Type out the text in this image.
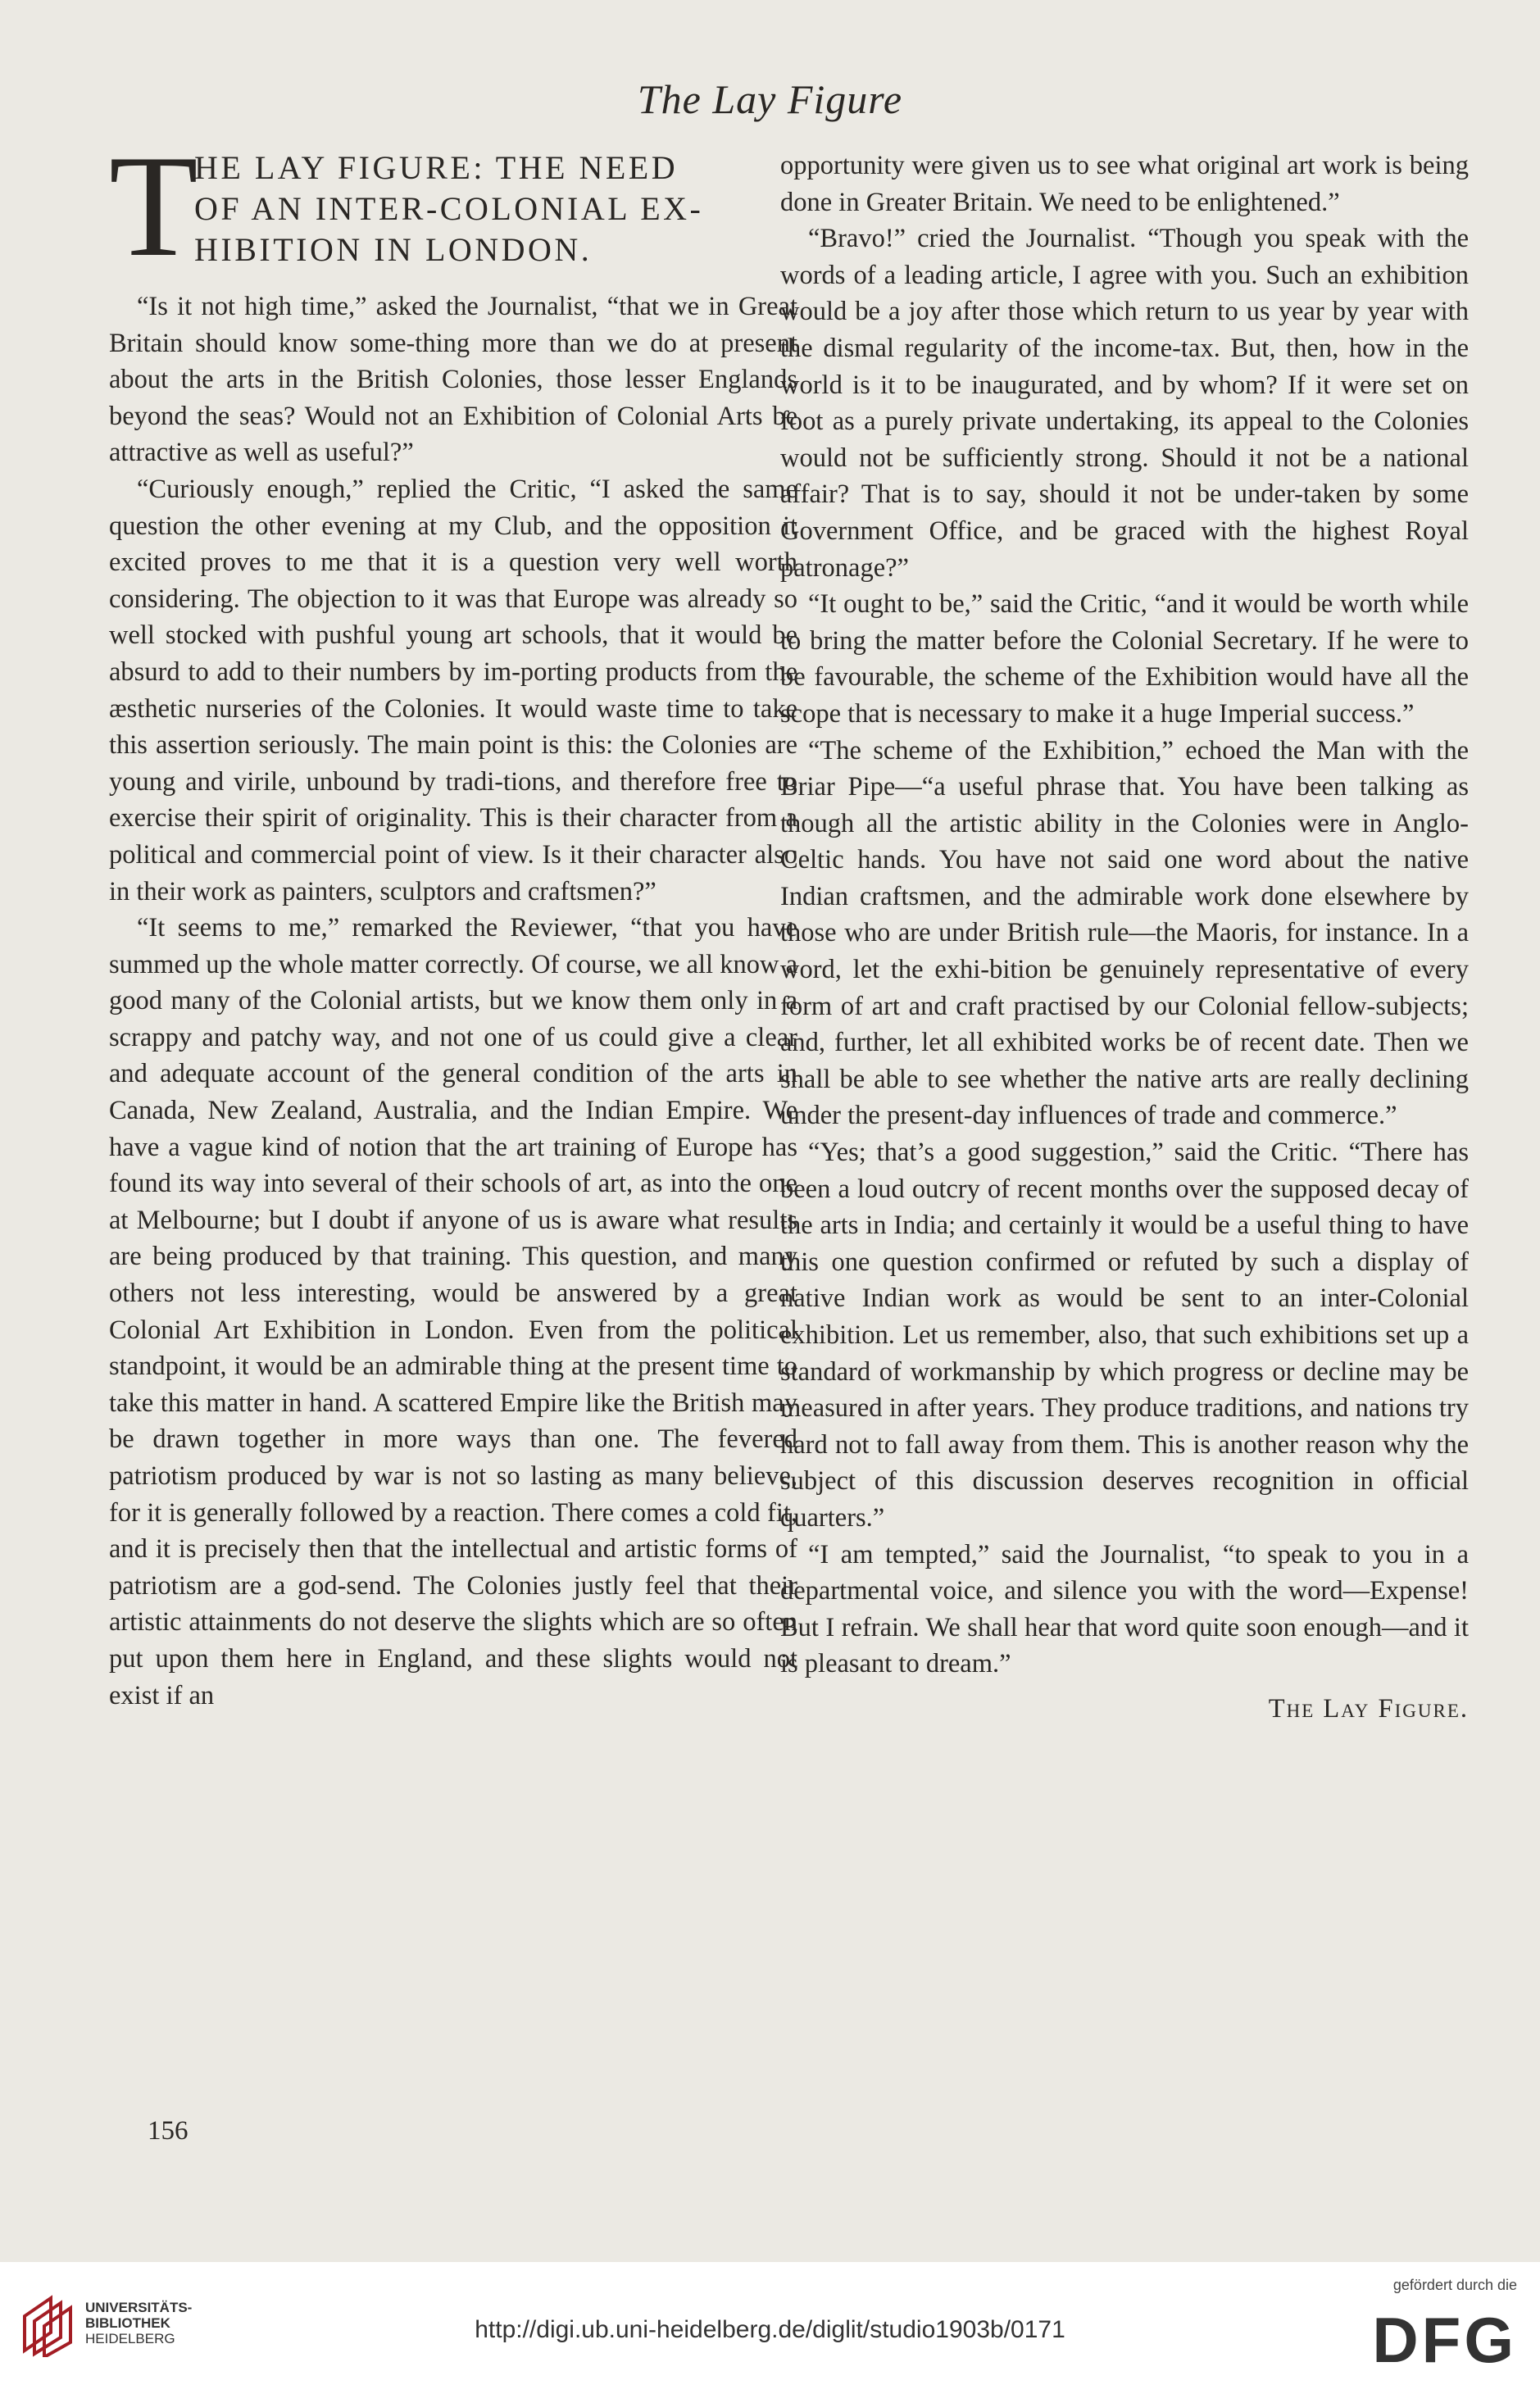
The Lay Figure
T
HE LAY FIGURE: THE NEED
OF AN INTER-COLONIAL EX-
HIBITION IN LONDON.

“Is it not high time,” asked the Journalist, “that we in Great Britain should know some-thing more than we do at present about the arts in the British Colonies, those lesser Englands beyond the seas? Would not an Exhibition of Colonial Arts be attractive as well as useful?”

“Curiously enough,” replied the Critic, “I asked the same question the other evening at my Club, and the opposition it excited proves to me that it is a question very well worth considering. The objection to it was that Europe was already so well stocked with pushful young art schools, that it would be absurd to add to their numbers by im-porting products from the æsthetic nurseries of the Colonies. It would waste time to take this assertion seriously. The main point is this: the Colonies are young and virile, unbound by tradi-tions, and therefore free to exercise their spirit of originality. This is their character from a political and commercial point of view. Is it their character also in their work as painters, sculptors and craftsmen?”

“It seems to me,” remarked the Reviewer, “that you have summed up the whole matter correctly. Of course, we all know a good many of the Colonial artists, but we know them only in a scrappy and patchy way, and not one of us could give a clear and adequate account of the general condition of the arts in Canada, New Zealand, Australia, and the Indian Empire. We have a vague kind of notion that the art training of Europe has found its way into several of their schools of art, as into the one at Melbourne; but I doubt if anyone of us is aware what results are being produced by that training. This question, and many others not less interesting, would be answered by a great Colonial Art Exhibition in London. Even from the political standpoint, it would be an admirable thing at the present time to take this matter in hand. A scattered Empire like the British may be drawn together in more ways than one. The fevered patriotism produced by war is not so lasting as many believe, for it is generally followed by a reaction. There comes a cold fit, and it is precisely then that the intellectual and artistic forms of patriotism are a god-send. The Colonies justly feel that their artistic attainments do not deserve the slights which are so often put upon them here in England, and these slights would not exist if an

opportunity were given us to see what original art work is being done in Greater Britain. We need to be enlightened.”

“Bravo!” cried the Journalist. “Though you speak with the words of a leading article, I agree with you. Such an exhibition would be a joy after those which return to us year by year with the dismal regularity of the income-tax. But, then, how in the world is it to be inaugurated, and by whom? If it were set on foot as a purely private undertaking, its appeal to the Colonies would not be sufficiently strong. Should it not be a national affair? That is to say, should it not be under-taken by some Government Office, and be graced with the highest Royal patronage?”

“It ought to be,” said the Critic, “and it would be worth while to bring the matter before the Colonial Secretary. If he were to be favourable, the scheme of the Exhibition would have all the scope that is necessary to make it a huge Imperial success.”

“The scheme of the Exhibition,” echoed the Man with the Briar Pipe—“a useful phrase that. You have been talking as though all the artistic ability in the Colonies were in Anglo-Celtic hands. You have not said one word about the native Indian craftsmen, and the admirable work done elsewhere by those who are under British rule—the Maoris, for instance. In a word, let the exhi-bition be genuinely representative of every form of art and craft practised by our Colonial fellow-subjects; and, further, let all exhibited works be of recent date. Then we shall be able to see whether the native arts are really declining under the present-day influences of trade and commerce.”

“Yes; that’s a good suggestion,” said the Critic. “There has been a loud outcry of recent months over the supposed decay of the arts in India; and certainly it would be a useful thing to have this one question confirmed or refuted by such a display of native Indian work as would be sent to an inter-Colonial exhibition. Let us remember, also, that such exhibitions set up a standard of workmanship by which progress or decline may be measured in after years. They produce traditions, and nations try hard not to fall away from them. This is another reason why the subject of this discussion deserves recognition in official quarters.”

“I am tempted,” said the Journalist, “to speak to you in a departmental voice, and silence you with the word—Expense! But I refrain. We shall hear that word quite soon enough—and it is pleasant to dream.”

The Lay Figure.
156
UNIVERSITÄTS-
BIBLIOTHEK
HEIDELBERG	http://digi.ub.uni-heidelberg.de/diglit/studio1903b/0171
gefördert durch die
DFG
